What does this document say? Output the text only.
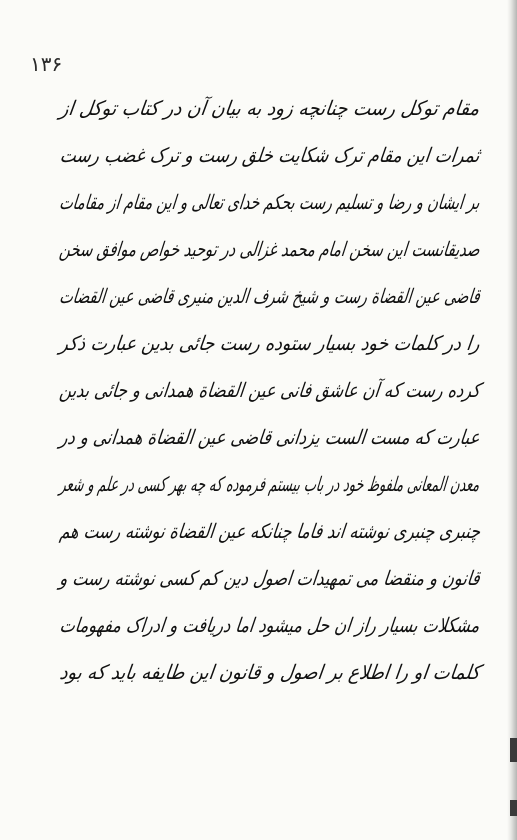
۱۳۶
مقام توکل رست چنانچه زود به بیان آن در کتاب توکل از
ثمرات این مقام ترک شکایت خلق رست و ترک غضب رست
بر ایشان و رضا و تسلیم رست بحکم خدای تعالی و این مقام از مقامات
صدیقانست این سخن امام محمد غزالی در توحید خواص موافق سخن
قاضی عین القضاة رست و شیخ شرف الدین منیری قاضی عین القضات
را در کلمات خود بسیار ستوده رست جائی بدین عبارت ذکر
کرده رست که آن عاشق فانی عین القضاة همدانی و جائی بدین
عبارت که مست الست یزدانی قاضی عین القضاة همدانی و در
معدن المعانی ملفوظ خود در باب بیستم فرموده که چه بهر کسی در علم و شعر
چنبری چنبری نوشته اند فاما چنانکه عین القضاة نوشته رست هم
قانون و منقضا می تمهیدات اصول دین کم کسی نوشته رست و
مشکلات بسیار راز ان حل میشود اما دریافت و ادراک مفهومات
کلمات او را اطلاع بر اصول و قانون این طایفه باید که بود
